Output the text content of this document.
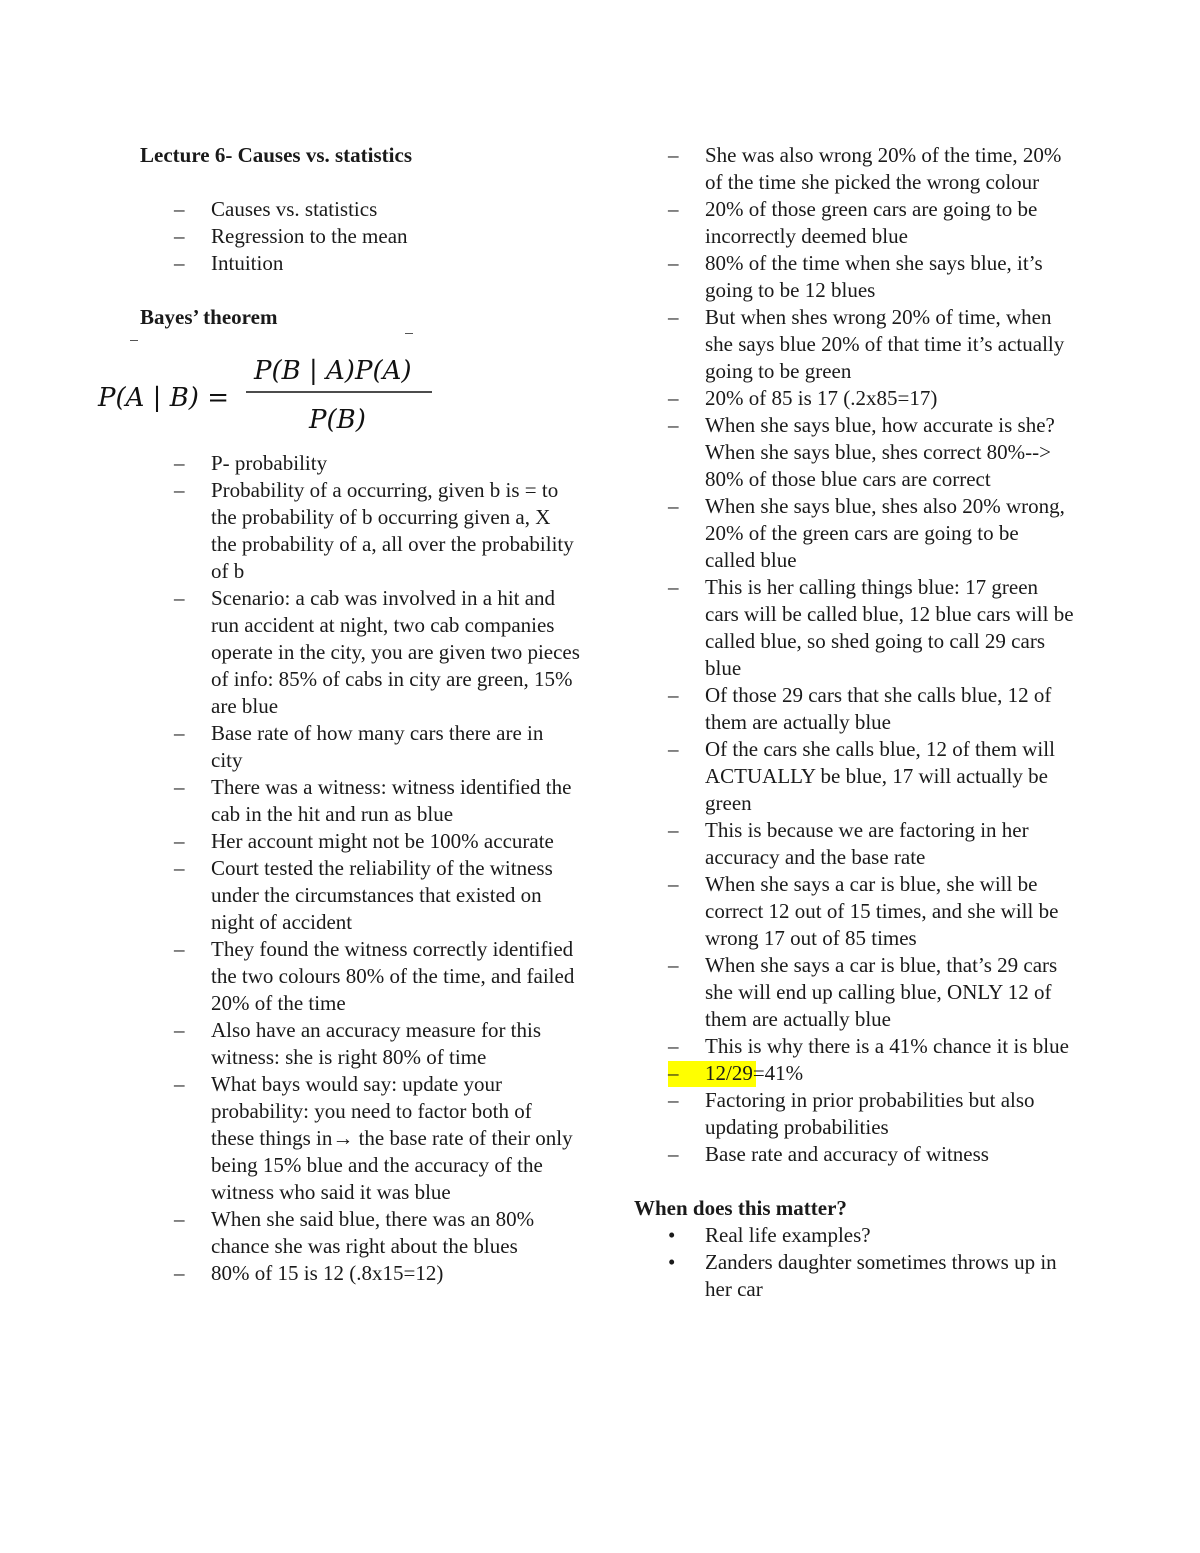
Lecture 6- Causes vs. statistics

–	Causes vs. statistics
–	Regression to the mean
–	Intuition

Bayes’ theorem

–	P- probability
–	Probability of a occurring, given b is = to the probability of b occurring given a, X the probability of a, all over the probability of b
–	Scenario: a cab was involved in a hit and run accident at night, two cab companies operate in the city, you are given two pieces of info: 85% of cabs in city are green, 15% are blue
–	Base rate of how many cars there are in city
–	There was a witness: witness identified the cab in the hit and run as blue
–	Her account might not be 100% accurate
–	Court tested the reliability of the witness under the circumstances that existed on night of accident
–	They found the witness correctly identified the two colours 80% of the time, and failed 20% of the time
–	Also have an accuracy measure for this witness: she is right 80% of time
–	What bays would say: update your probability: you need to factor both of these things in→ the base rate of their only being 15% blue and the accuracy of the witness who said it was blue
–	When she said blue, there was an 80% chance she was right about the blues
–	80% of 15 is 12 (.8x15=12)
P(A | B) =
P(B | A)P(A)
P(B)
–	She was also wrong 20% of the time, 20% of the time she picked the wrong colour
–	20% of those green cars are going to be incorrectly deemed blue
–	80% of the time when she says blue, it’s going to be 12 blues
–	But when shes wrong 20% of time, when she says blue 20% of that time it’s actually going to be green
–	20% of 85 is 17 (.2x85=17)
–	When she says blue, how accurate is she? When she says blue, shes correct 80%--> 80% of those blue cars are correct
–	When she says blue, shes also 20% wrong, 20% of the green cars are going to be called blue
–	This is her calling things blue: 17 green cars will be called blue, 12 blue cars will be called blue, so shed going to call 29 cars blue
–	Of those 29 cars that she calls blue, 12 of them are actually blue
–	Of the cars she calls blue, 12 of them will ACTUALLY be blue, 17 will actually be green
–	This is because we are factoring in her accuracy and the base rate
–	When she says a car is blue, she will be correct 12 out of 15 times, and she will be wrong 17 out of 85 times
–	When she says a car is blue, that’s 29 cars she will end up calling blue, ONLY 12 of them are actually blue
–	This is why there is a 41% chance it is blue
–	12/29=41%
–	Factoring in prior probabilities but also updating probabilities
–	Base rate and accuracy of witness

When does this matter?

•	Real life examples?
•	Zanders daughter sometimes throws up in her car
